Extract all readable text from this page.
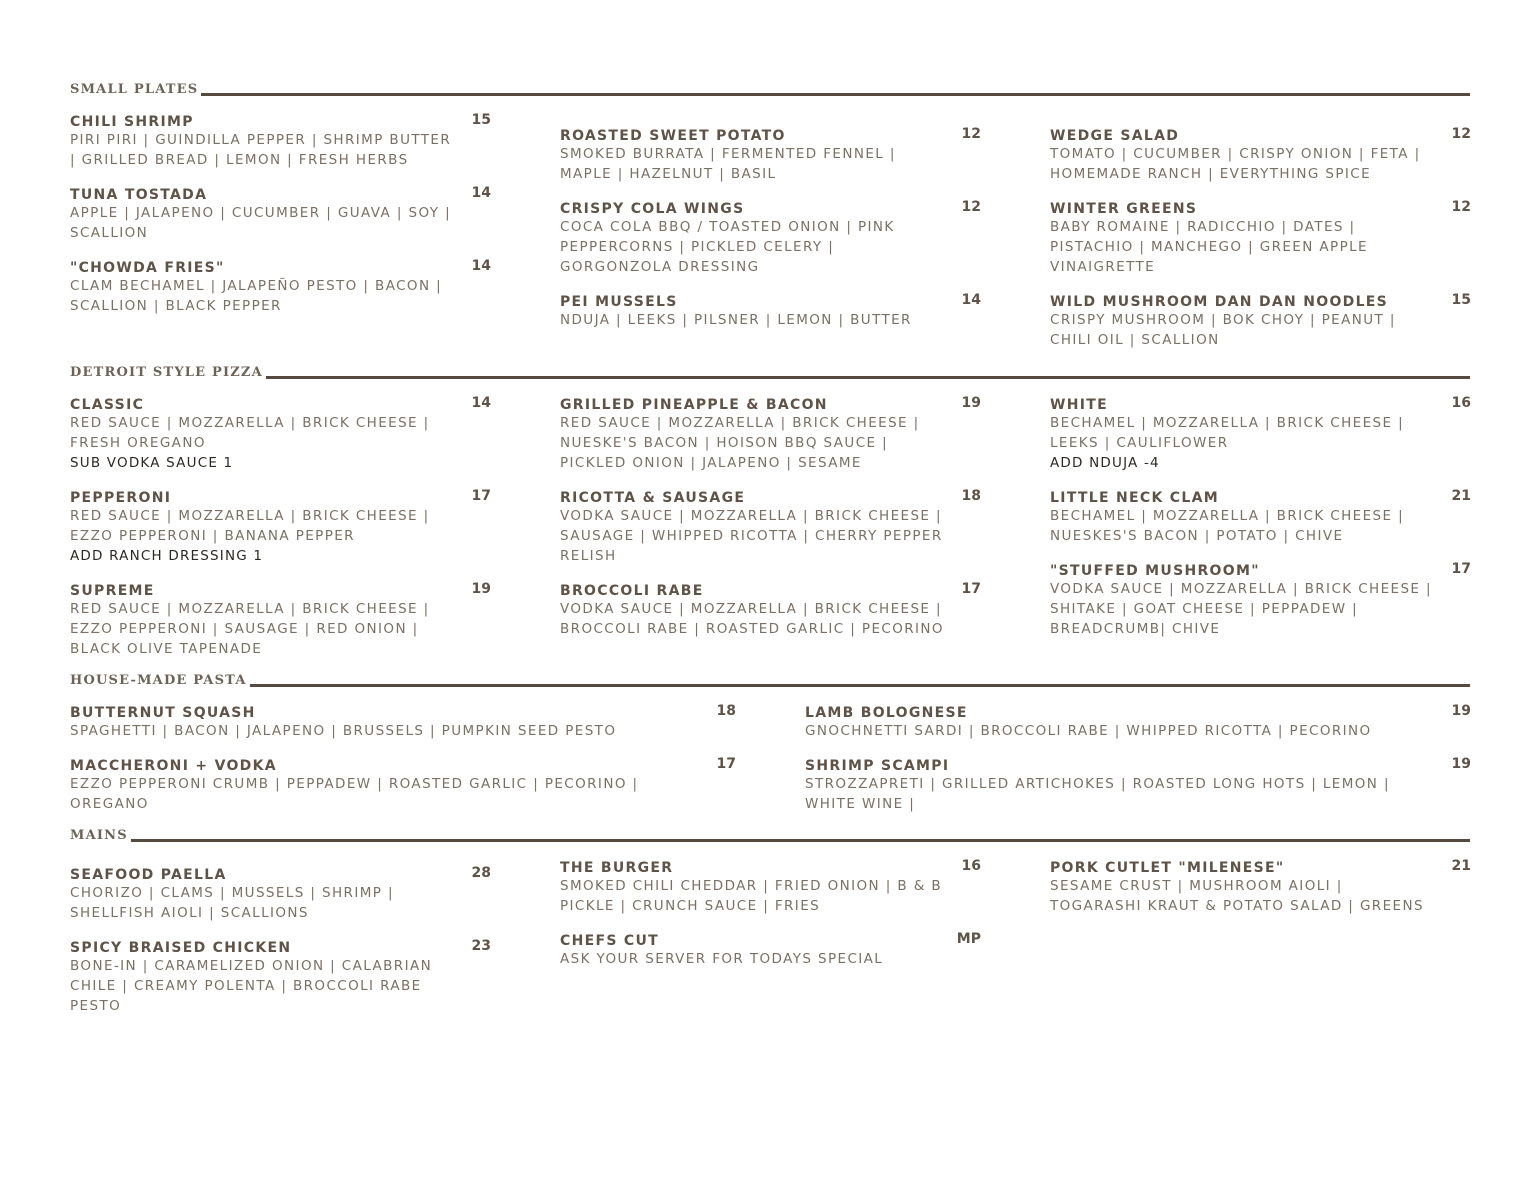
SMALL PLATES
CHILI SHRIMP	15
PIRI PIRI | GUINDILLA PEPPER | SHRIMP BUTTER
| GRILLED BREAD | LEMON | FRESH HERBS
TUNA TOSTADA	14
APPLE | JALAPENO | CUCUMBER | GUAVA | SOY |
SCALLION
"CHOWDA FRIES"	14
CLAM BECHAMEL | JALAPEÑO PESTO | BACON |
SCALLION | BLACK PEPPER
ROASTED SWEET POTATO	12
SMOKED BURRATA | FERMENTED FENNEL |
MAPLE | HAZELNUT | BASIL
CRISPY COLA WINGS	12
COCA COLA BBQ / TOASTED ONION | PINK
PEPPERCORNS | PICKLED CELERY |
GORGONZOLA DRESSING
PEI MUSSELS	14
NDUJA | LEEKS | PILSNER | LEMON | BUTTER
WEDGE SALAD	12
TOMATO | CUCUMBER | CRISPY ONION | FETA |
HOMEMADE RANCH | EVERYTHING SPICE
WINTER GREENS	12
BABY ROMAINE | RADICCHIO | DATES |
PISTACHIO | MANCHEGO | GREEN APPLE
VINAIGRETTE
WILD MUSHROOM DAN DAN NOODLES	15
CRISPY MUSHROOM | BOK CHOY | PEANUT |
CHILI OIL | SCALLION
DETROIT STYLE PIZZA
CLASSIC	14
RED SAUCE | MOZZARELLA | BRICK CHEESE |
FRESH OREGANO
SUB VODKA SAUCE 1
PEPPERONI	17
RED SAUCE | MOZZARELLA | BRICK CHEESE |
EZZO PEPPERONI | BANANA PEPPER
ADD RANCH DRESSING 1
SUPREME	19
RED SAUCE | MOZZARELLA | BRICK CHEESE |
EZZO PEPPERONI | SAUSAGE | RED ONION |
BLACK OLIVE TAPENADE
GRILLED PINEAPPLE & BACON	19
RED SAUCE | MOZZARELLA | BRICK CHEESE |
NUESKE'S BACON | HOISON BBQ SAUCE |
PICKLED ONION | JALAPENO | SESAME
RICOTTA & SAUSAGE	18
VODKA SAUCE | MOZZARELLA | BRICK CHEESE |
SAUSAGE | WHIPPED RICOTTA | CHERRY PEPPER
RELISH
BROCCOLI RABE	17
VODKA SAUCE | MOZZARELLA | BRICK CHEESE |
BROCCOLI RABE | ROASTED GARLIC | PECORINO
WHITE	16
BECHAMEL | MOZZARELLA | BRICK CHEESE |
LEEKS | CAULIFLOWER
ADD NDUJA -4
LITTLE NECK CLAM	21
BECHAMEL | MOZZARELLA | BRICK CHEESE |
NUESKES'S BACON | POTATO | CHIVE
"STUFFED MUSHROOM"	17
VODKA SAUCE | MOZZARELLA | BRICK CHEESE |
SHITAKE | GOAT CHEESE | PEPPADEW |
BREADCRUMB| CHIVE
HOUSE-MADE PASTA
BUTTERNUT SQUASH	18
SPAGHETTI | BACON | JALAPENO | BRUSSELS | PUMPKIN SEED PESTO
MACCHERONI + VODKA	17
EZZO PEPPERONI CRUMB | PEPPADEW | ROASTED GARLIC | PECORINO |
OREGANO
LAMB BOLOGNESE	19
GNOCHNETTI SARDI | BROCCOLI RABE | WHIPPED RICOTTA | PECORINO
SHRIMP SCAMPI	19
STROZZAPRETI | GRILLED ARTICHOKES | ROASTED LONG HOTS | LEMON |
WHITE WINE |
MAINS
SEAFOOD PAELLA	28
CHORIZO | CLAMS | MUSSELS | SHRIMP |
SHELLFISH AIOLI | SCALLIONS
SPICY BRAISED CHICKEN	23
BONE-IN | CARAMELIZED ONION | CALABRIAN
CHILE | CREAMY POLENTA | BROCCOLI RABE
PESTO
THE BURGER	16
SMOKED CHILI CHEDDAR | FRIED ONION | B & B
PICKLE | CRUNCH SAUCE | FRIES
CHEFS CUT	MP
ASK YOUR SERVER FOR TODAYS SPECIAL
PORK CUTLET "MILENESE"	21
SESAME CRUST | MUSHROOM AIOLI |
TOGARASHI KRAUT & POTATO SALAD | GREENS
